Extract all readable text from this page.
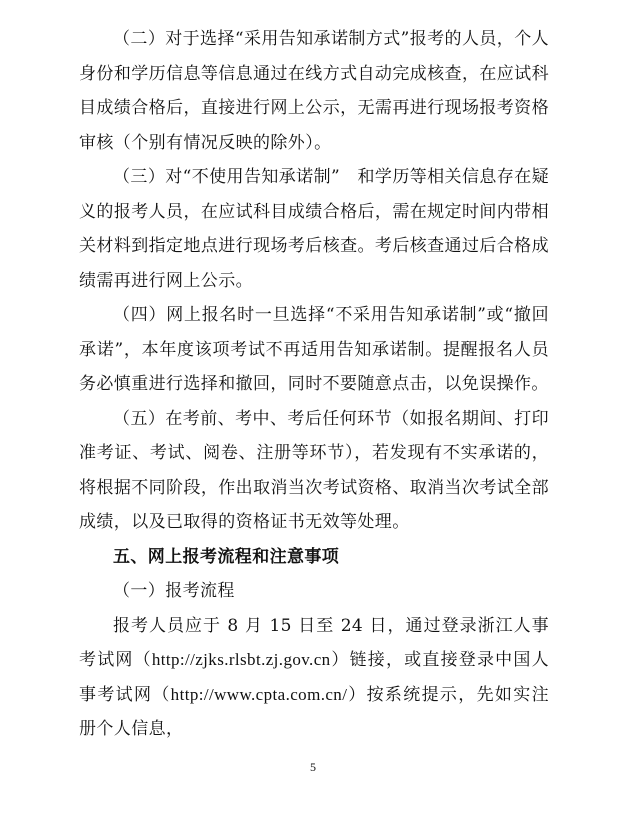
（二）对于选择“采用告知承诺制方式”报考的人员，个人身份和学历信息等信息通过在线方式自动完成核查，在应试科目成绩合格后，直接进行网上公示，无需再进行现场报考资格审核（个别有情况反映的除外）。

（三）对“不使用告知承诺制”　和学历等相关信息存在疑义的报考人员，在应试科目成绩合格后，需在规定时间内带相关材料到指定地点进行现场考后核查。考后核查通过后合格成绩需再进行网上公示。

（四）网上报名时一旦选择“不采用告知承诺制”或“撤回承诺”，本年度该项考试不再适用告知承诺制。提醒报名人员务必慎重进行选择和撤回，同时不要随意点击，以免误操作。

（五）在考前、考中、考后任何环节（如报名期间、打印准考证、考试、阅卷、注册等环节），若发现有不实承诺的，将根据不同阶段，作出取消当次考试资格、取消当次考试全部成绩，以及已取得的资格证书无效等处理。

五、网上报考流程和注意事项

（一）报考流程

报考人员应于 8 月 15 日至 24 日，通过登录浙江人事考试网（http://zjks.rlsbt.zj.gov.cn）链接，或直接登录中国人事考试网（http://www.cpta.com.cn/）按系统提示，先如实注册个人信息，

5
